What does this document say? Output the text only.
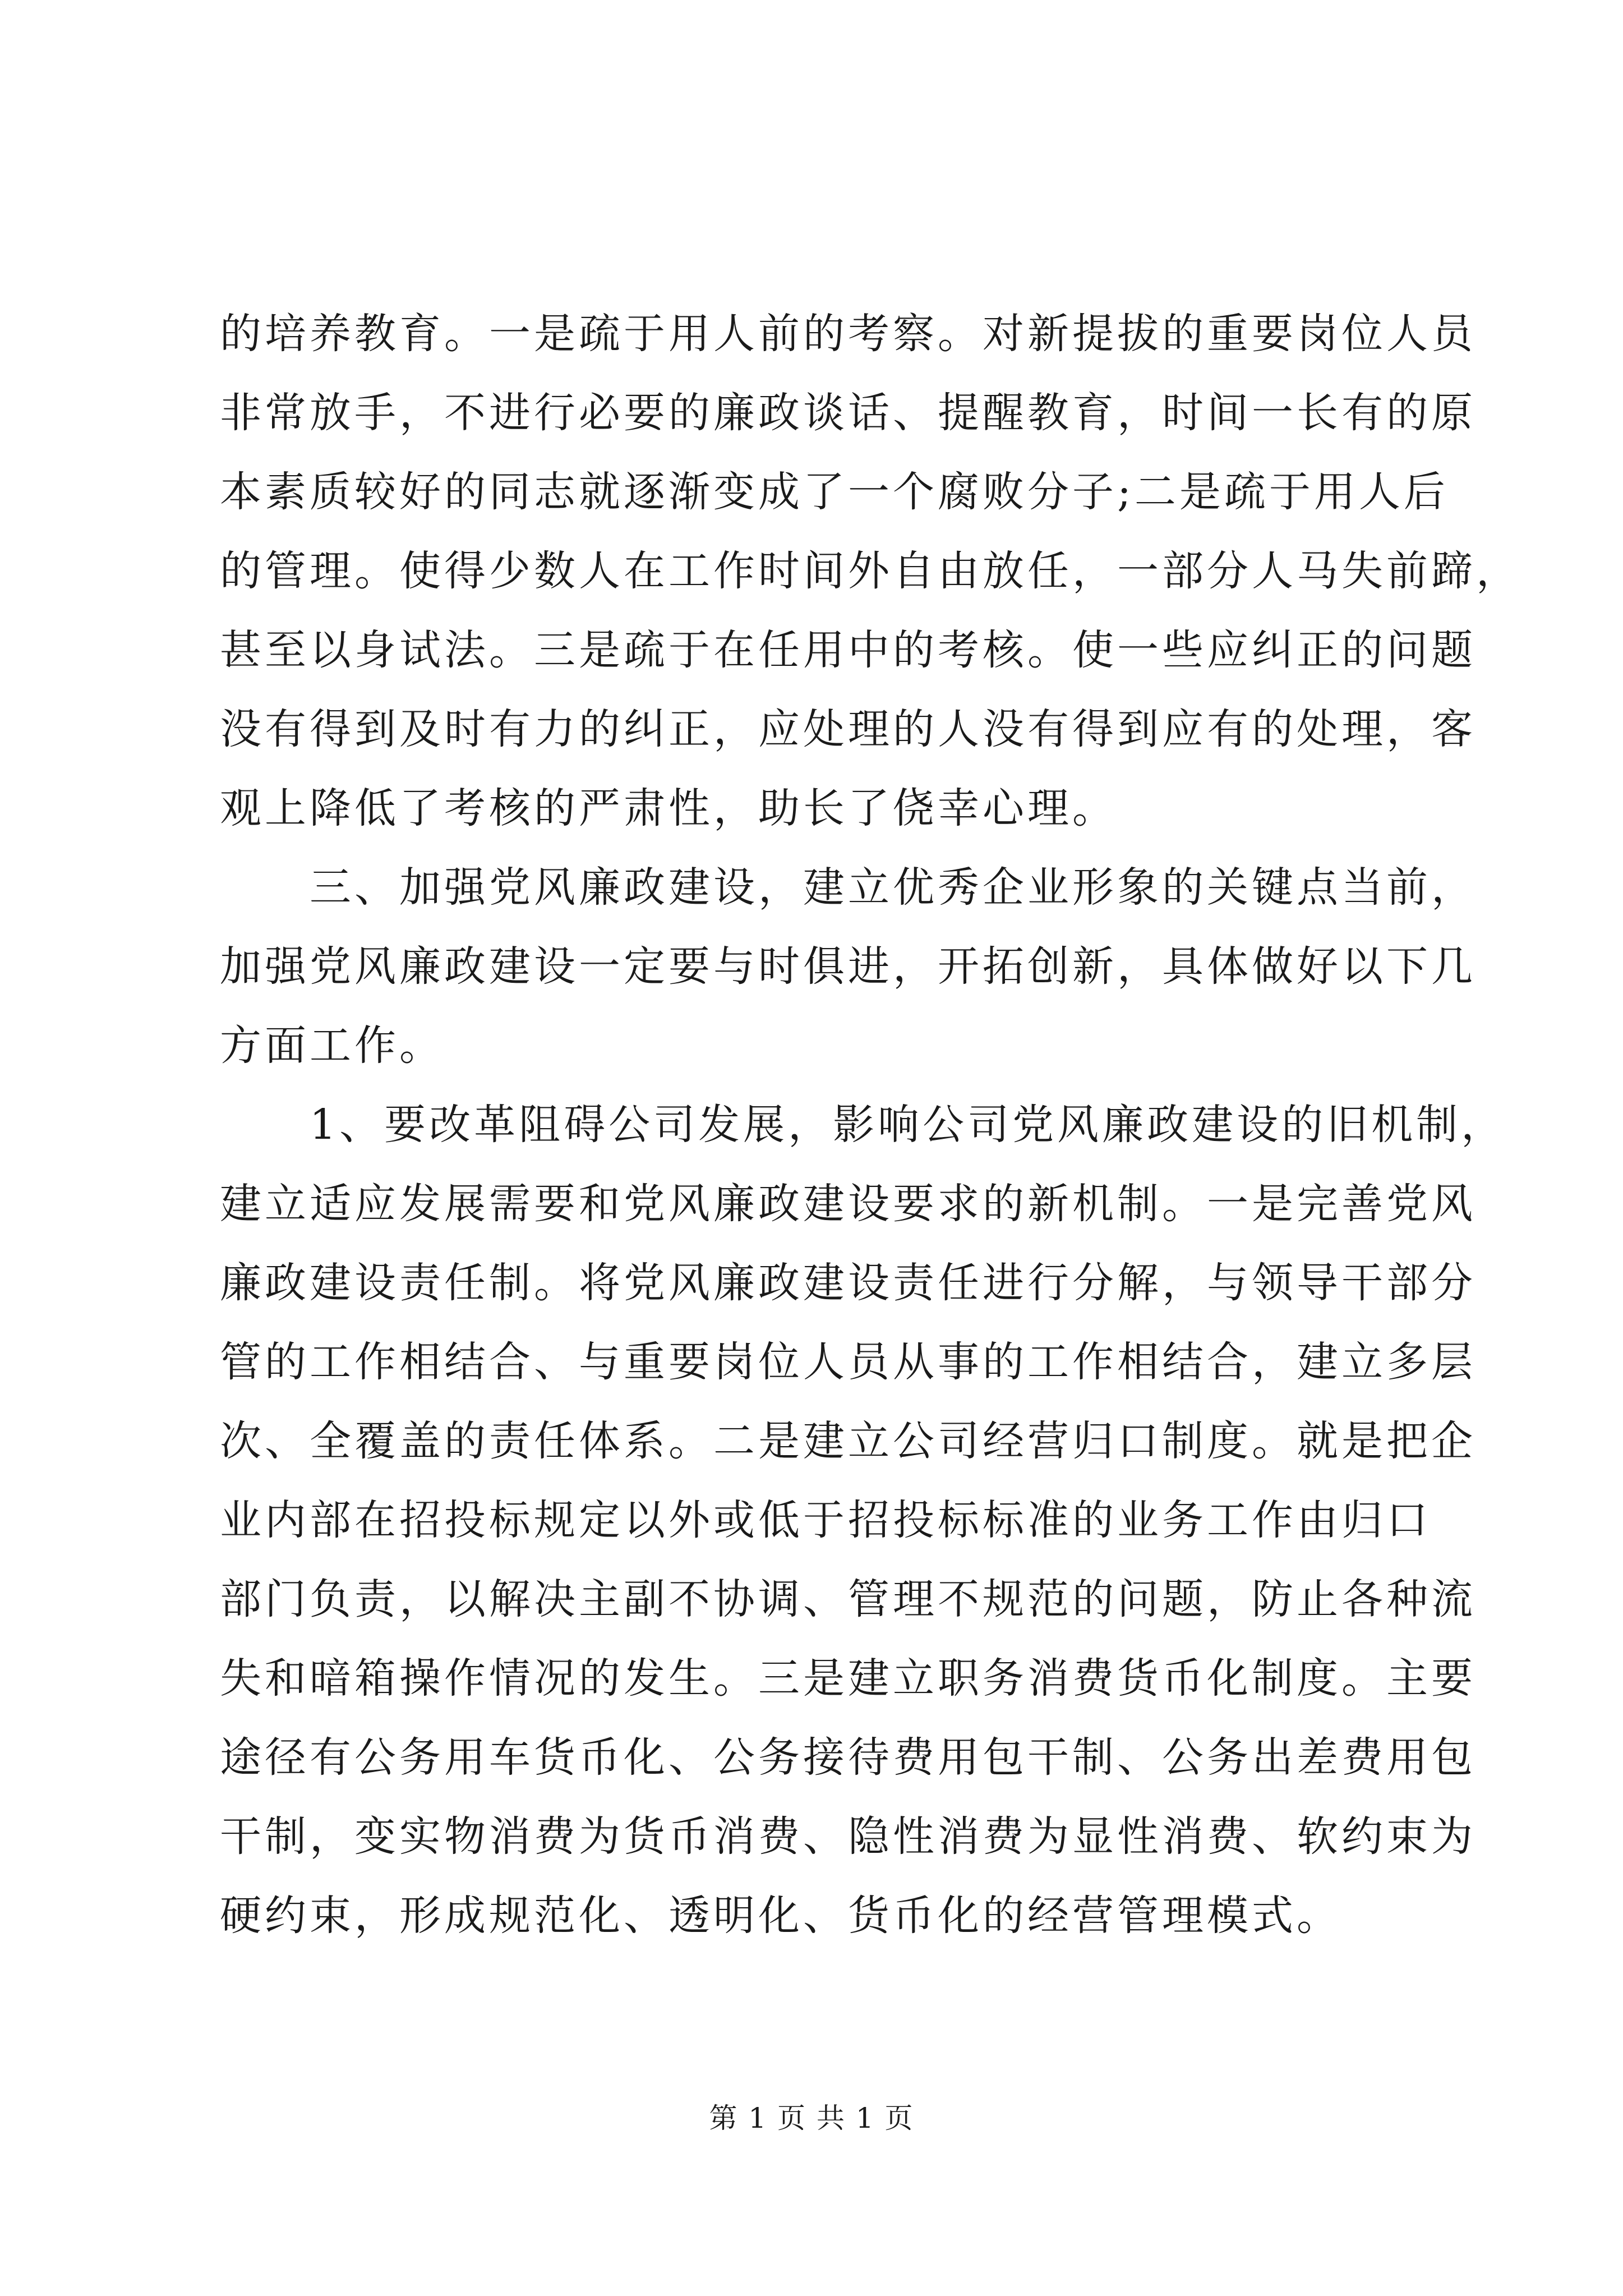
的培养教育。一是疏于用人前的考察。对新提拔的重要岗位人员
非常放手，不进行必要的廉政谈话、提醒教育，时间一长有的原
本素质较好的同志就逐渐变成了一个腐败分子;二是疏于用人后
的管理。使得少数人在工作时间外自由放任，一部分人马失前蹄，
甚至以身试法。三是疏于在任用中的考核。使一些应纠正的问题
没有得到及时有力的纠正，应处理的人没有得到应有的处理，客
观上降低了考核的严肃性，助长了侥幸心理。
　　三、加强党风廉政建设，建立优秀企业形象的关键点当前，
加强党风廉政建设一定要与时俱进，开拓创新，具体做好以下几
方面工作。
　　1、要改革阻碍公司发展，影响公司党风廉政建设的旧机制，
建立适应发展需要和党风廉政建设要求的新机制。一是完善党风
廉政建设责任制。将党风廉政建设责任进行分解，与领导干部分
管的工作相结合、与重要岗位人员从事的工作相结合，建立多层
次、全覆盖的责任体系。二是建立公司经营归口制度。就是把企
业内部在招投标规定以外或低于招投标标准的业务工作由归口
部门负责，以解决主副不协调、管理不规范的问题，防止各种流
失和暗箱操作情况的发生。三是建立职务消费货币化制度。主要
途径有公务用车货币化、公务接待费用包干制、公务出差费用包
干制，变实物消费为货币消费、隐性消费为显性消费、软约束为
硬约束，形成规范化、透明化、货币化的经营管理模式。
第 1 页 共 1 页
